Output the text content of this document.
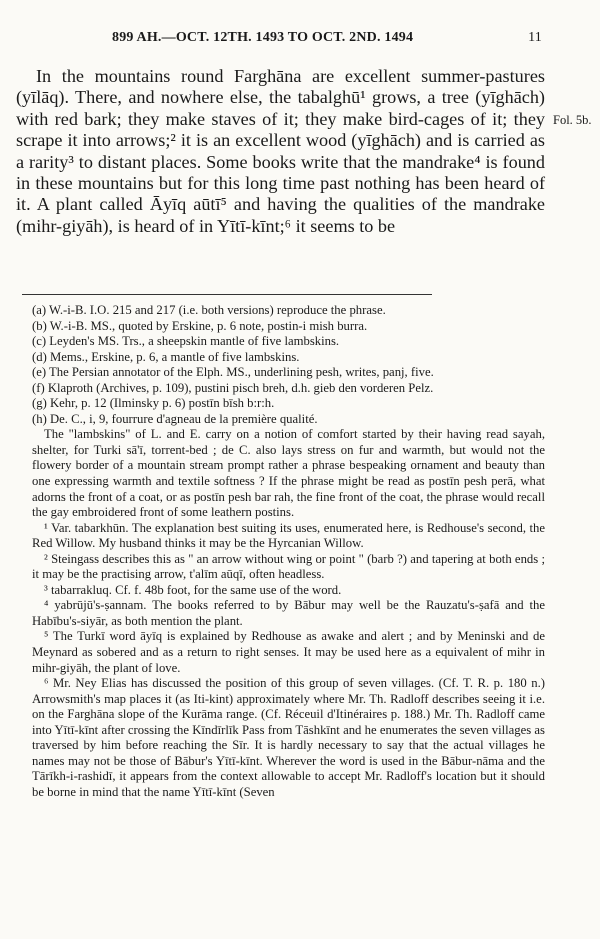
899 AH.—OCT. 12TH. 1493 TO OCT. 2ND. 1494	11

In the mountains round Farghāna are excellent summer-pastures (yīlāq). There, and nowhere else, the tabalghū¹ grows, a tree (yīghāch) with red bark; they make staves of it; they make bird-cages of it; they scrape it into arrows;² it is an excellent wood (yīghāch) and is carried as a rarity³ to distant places. Some books write that the mandrake⁴ is found in these mountains but for this long time past nothing has been heard of it. A plant called Āyīq aūtī⁵ and having the qualities of the mandrake (mihr-giyāh), is heard of in Yītī-kīnt;⁶ it seems to be

Fol. 5b.
(a) W.-i-B. I.O. 215 and 217 (i.e. both versions) reproduce the phrase.
(b) W.-i-B. MS., quoted by Erskine, p. 6 note, postin-i mish burra.
(c) Leyden's MS. Trs., a sheepskin mantle of five lambskins.
(d) Mems., Erskine, p. 6, a mantle of five lambskins.
(e) The Persian annotator of the Elph. MS., underlining pesh, writes, panj, five.
(f) Klaproth (Archives, p. 109), pustini pisch breh, d.h. gieb den vorderen Pelz.
(g) Kehr, p. 12 (Ilminsky p. 6) postīn bīsh b:r:h.
(h) De. C., i, 9, fourrure d'agneau de la première qualité.
The "lambskins" of L. and E. carry on a notion of comfort started by their having read sayah, shelter, for Turki sā'ī, torrent-bed ; de C. also lays stress on fur and warmth, but would not the flowery border of a mountain stream prompt rather a phrase bespeaking ornament and beauty than one expressing warmth and textile softness ? If the phrase might be read as postīn pesh perā, what adorns the front of a coat, or as postīn pesh bar rah, the fine front of the coat, the phrase would recall the gay embroidered front of some leathern postins.
¹ Var. tabarkhūn. The explanation best suiting its uses, enumerated here, is Redhouse's second, the Red Willow. My husband thinks it may be the Hyrcanian Willow.
² Steingass describes this as " an arrow without wing or point " (barb ?) and tapering at both ends ; it may be the practising arrow, t'alīm aūqī, often headless.
³ tabarrakluq. Cf. f. 48b foot, for the same use of the word.
⁴ yabrūjū's-ṣannam. The books referred to by Bābur may well be the Rauzatu's-ṣafā and the Habību's-siyār, as both mention the plant.
⁵ The Turkī word āyīq is explained by Redhouse as awake and alert ; and by Meninski and de Meynard as sobered and as a return to right senses. It may be used here as a equivalent of mihr in mihr-giyāh, the plant of love.
⁶ Mr. Ney Elias has discussed the position of this group of seven villages. (Cf. T. R. p. 180 n.) Arrowsmith's map places it (as Iti-kint) approximately where Mr. Th. Radloff describes seeing it i.e. on the Farghāna slope of the Kurāma range. (Cf. Réceuil d'Itinéraires p. 188.) Mr. Th. Radloff came into Yītī-kīnt after crossing the Kīndīrlīk Pass from Tāshkīnt and he enumerates the seven villages as traversed by him before reaching the Sīr. It is hardly necessary to say that the actual villages he names may not be those of Bābur's Yītī-kīnt. Wherever the word is used in the Bābur-nāma and the Tārīkh-i-rashidī, it appears from the context allowable to accept Mr. Radloff's location but it should be borne in mind that the name Yītī-kīnt (Seven
